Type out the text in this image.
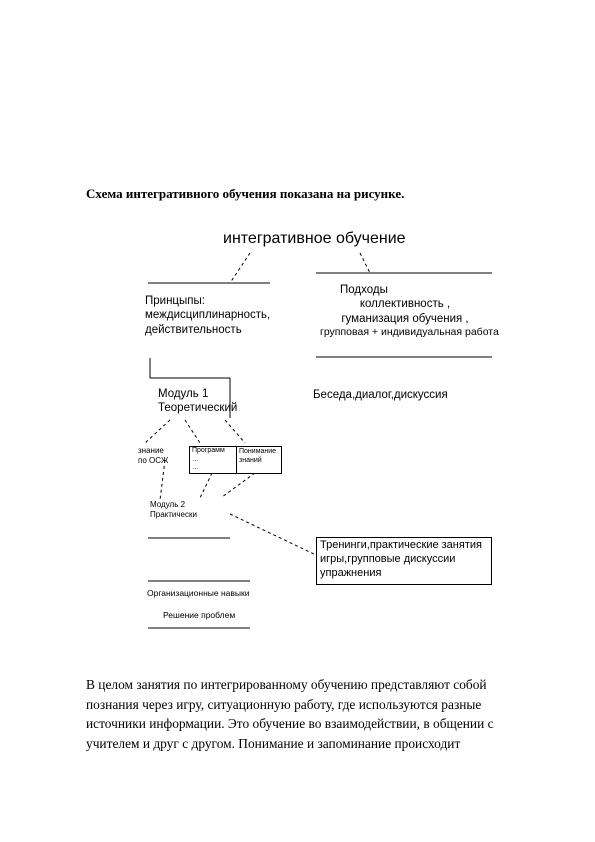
Схема интегративного обучения показана на рисунке.
интегративное обучение
Принцыпы:
междисциплинарность,
действительность
Подходы
коллективность ,
гуманизация обучения ,
групповая + индивидуальная работа
Беседа,диалог,дискуссия
Модуль 1
Теоретический
знание
по ОСЖ
Программ
…
…
Понимание
знаний
Модуль 2
Практически
Тренинги,практические занятия
игры,групповые дискуссии
упражнения
Организационные навыки
Решение проблем
В целом занятия по интегрированному обучению представляют собой
познания через игру, ситуационную работу, где используются разные
источники информации. Это обучение во взаимодействии, в общении с
учителем и друг с другом. Понимание и запоминание происходит
